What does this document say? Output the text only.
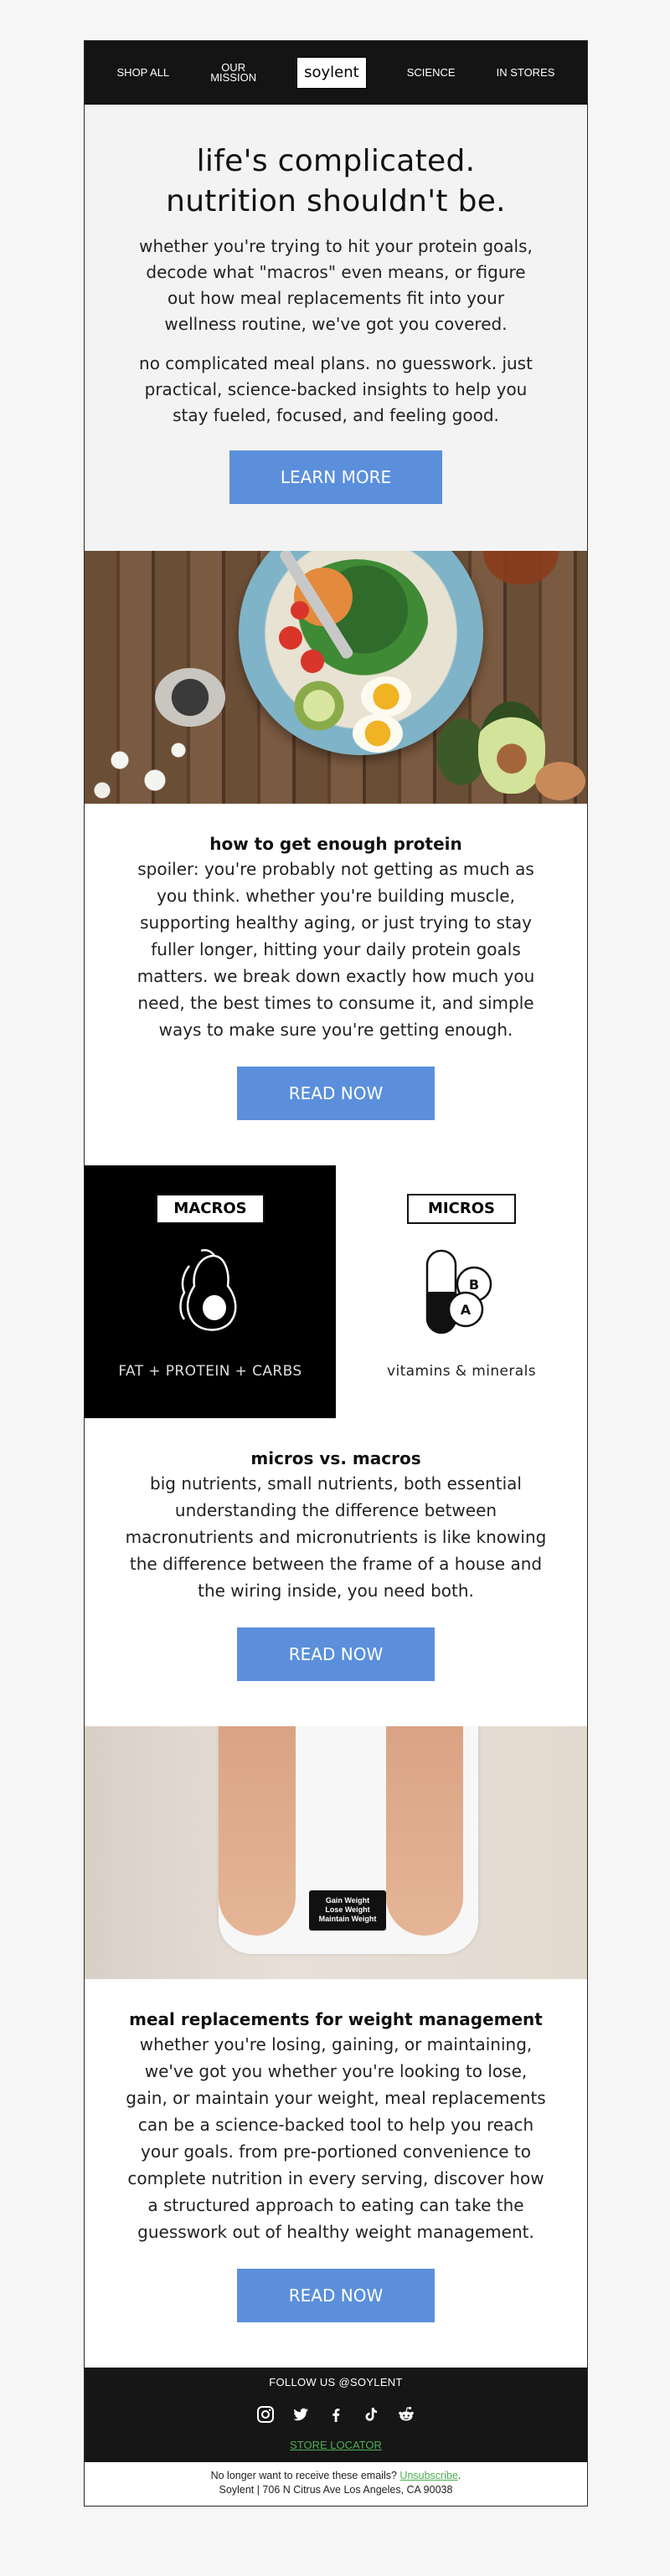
SHOP ALL	OUR
MISSION	soylent	SCIENCE	IN STORES
life's complicated.
nutrition shouldn't be.

whether you're trying to hit your protein goals, decode what "macros" even means, or figure out how meal replacements fit into your wellness routine, we've got you covered.

no complicated meal plans. no guesswork. just practical, science-backed insights to help you stay fueled, focused, and feeling good.

LEARN MORE
how to get enough protein

spoiler: you're probably not getting as much as you think. whether you're building muscle, supporting healthy aging, or just trying to stay fuller longer, hitting your daily protein goals matters. we break down exactly how much you need, the best times to consume it, and simple ways to make sure you're getting enough.

READ NOW
MACROS
FAT + PROTEIN + CARBS
MICROS
B
A
vitamins & minerals
micros vs. macros

big nutrients, small nutrients, both essential understanding the difference between macronutrients and micronutrients is like knowing the difference between the frame of a house and the wiring inside, you need both.

READ NOW
Gain Weight
Lose Weight
Maintain Weight
meal replacements for weight management

whether you're losing, gaining, or maintaining, we've got you whether you're looking to lose, gain, or maintain your weight, meal replacements can be a science-backed tool to help you reach your goals. from pre-portioned convenience to complete nutrition in every serving, discover how a structured approach to eating can take the guesswork out of healthy weight management.

READ NOW
FOLLOW US @SOYLENT
STORE LOCATOR
No longer want to receive these emails? Unsubscribe.
Soylent | 706 N Citrus Ave Los Angeles, CA 90038
